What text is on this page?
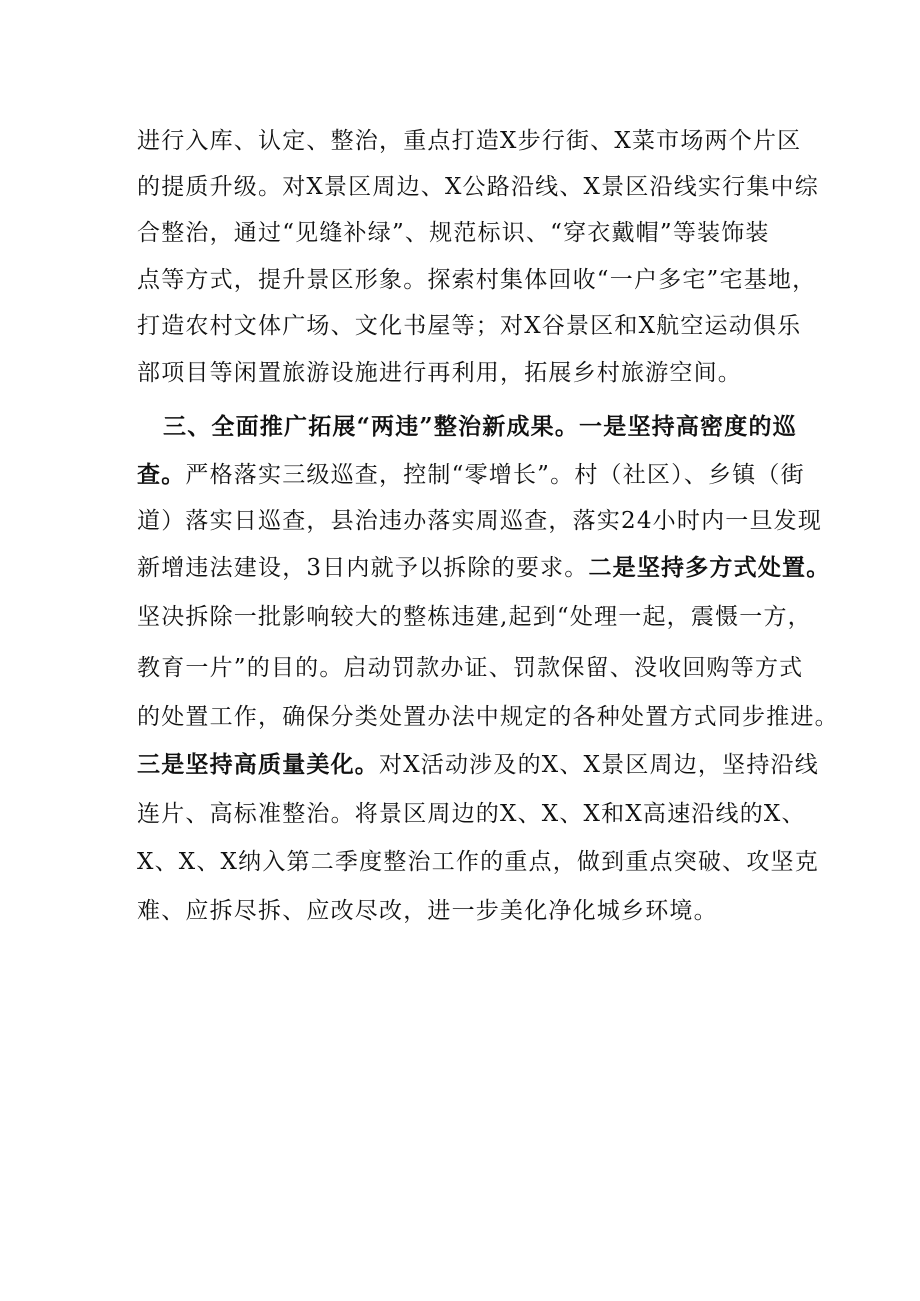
进行入库、认定、整治，重点打造X步行街、X菜市场两个片区
的提质升级。对X景区周边、X公路沿线、X景区沿线实行集中综
合整治，通过“见缝补绿”、规范标识、“穿衣戴帽”等装饰装
点等方式，提升景区形象。探索村集体回收“一户多宅”宅基地，
打造农村文体广场、文化书屋等；对X谷景区和X航空运动俱乐
部项目等闲置旅游设施进行再利用，拓展乡村旅游空间。
三、全面推广拓展“两违”整治新成果。一是坚持高密度的巡
查。严格落实三级巡查，控制“零增长”。村（社区）、乡镇（街
道）落实日巡查，县治违办落实周巡查，落实24小时内一旦发现
新增违法建设，3日内就予以拆除的要求。二是坚持多方式处置。
坚决拆除一批影响较大的整栋违建,起到“处理一起，震慑一方，
教育一片”的目的。启动罚款办证、罚款保留、没收回购等方式
的处置工作，确保分类处置办法中规定的各种处置方式同步推进。
三是坚持高质量美化。对X活动涉及的X、X景区周边，坚持沿线
连片、高标准整治。将景区周边的X、X、X和X高速沿线的X、
X、X、X纳入第二季度整治工作的重点，做到重点突破、攻坚克
难、应拆尽拆、应改尽改，进一步美化净化城乡环境。
